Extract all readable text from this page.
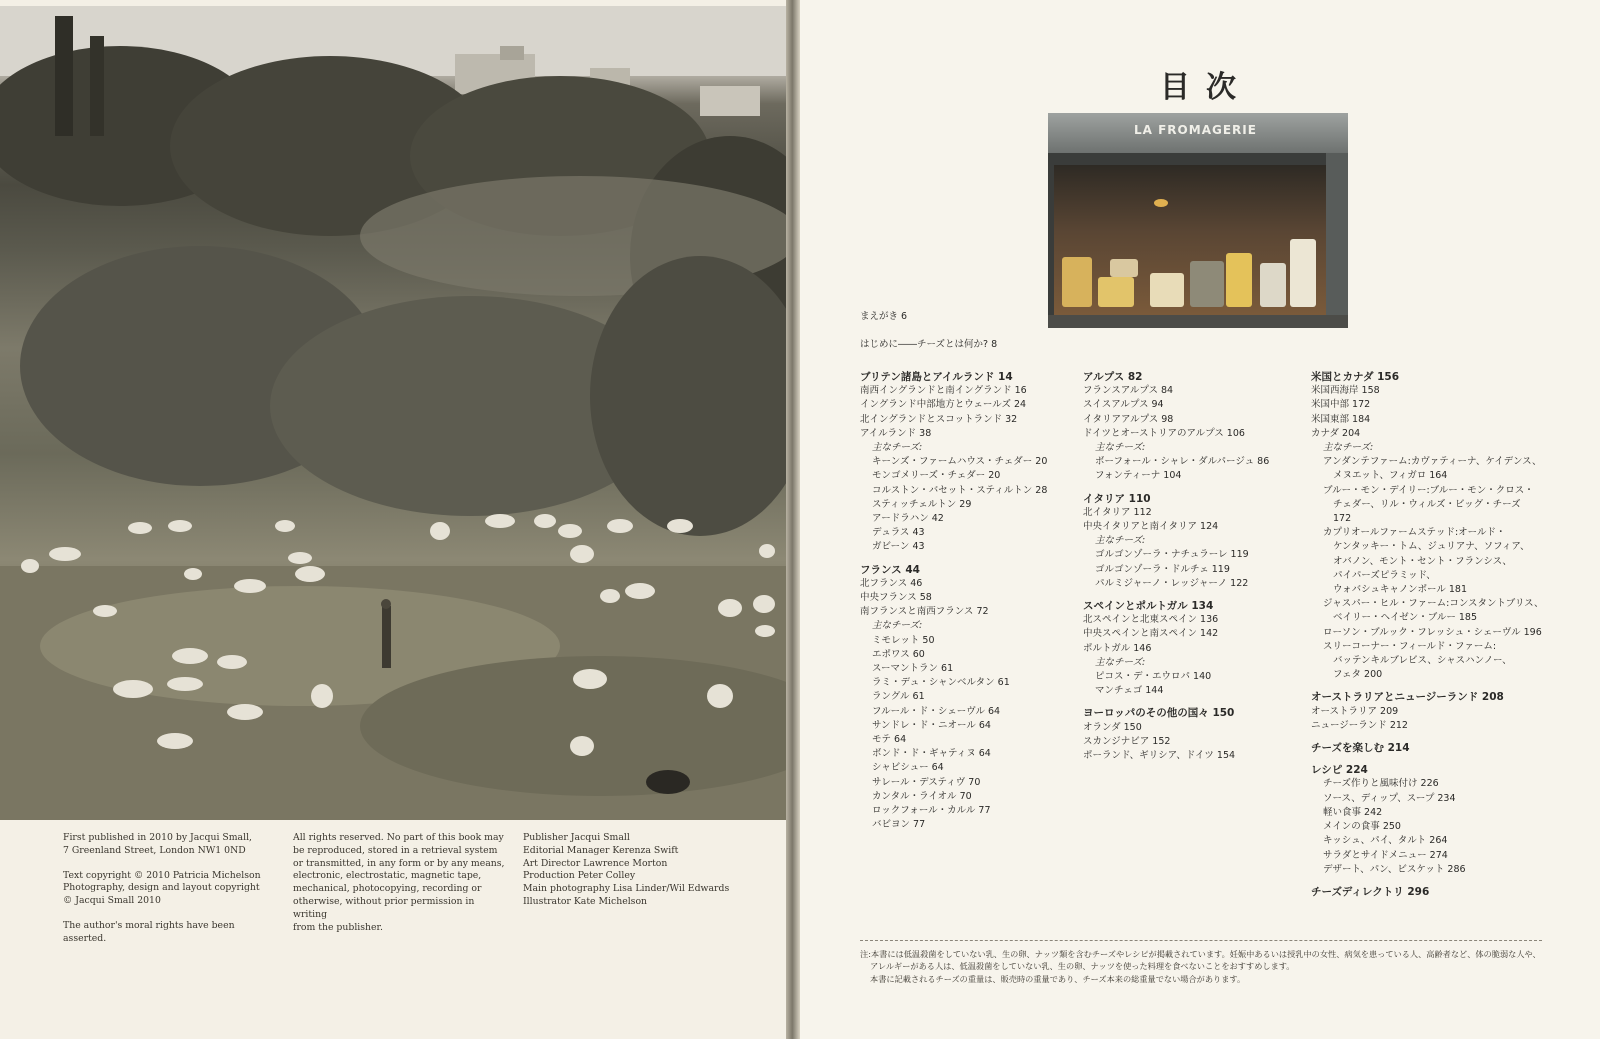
First published in 2010 by Jacqui Small,

7 Greenland Street, London NW1 0ND

Text copyright © 2010 Patricia Michelson

Photography, design and layout copyright

© Jacqui Small 2010

The author's moral rights have been asserted.

All rights reserved. No part of this book may

be reproduced, stored in a retrieval system

or transmitted, in any form or by any means,

electronic, electrostatic, magnetic tape,

mechanical, photocopying, recording or

otherwise, without prior permission in writing

from the publisher.

Publisher Jacqui Small

Editorial Manager Kerenza Swift

Art Director Lawrence Morton

Production Peter Colley

Main photography Lisa Linder/Wil Edwards

Illustrator Kate Michelson

目次
LA FROMAGERIE
まえがき 6
はじめに――チーズとは何か? 8
ブリテン諸島とアイルランド 14
南西イングランドと南イングランド 16
イングランド中部地方とウェールズ 24
北イングランドとスコットランド 32
アイルランド 38
主なチーズ:
キーンズ・ファームハウス・チェダー 20
モンゴメリーズ・チェダー 20
コルストン・バセット・スティルトン 28
スティッチェルトン 29
アードラハン 42
デュラス 43
ガビーン 43
フランス 44
北フランス 46
中央フランス 58
南フランスと南西フランス 72
主なチーズ:
ミモレット 50
エポワス 60
スーマントラン 61
ラミ・デュ・シャンベルタン 61
ラングル 61
フルール・ド・シェーヴル 64
サンドレ・ド・ニオール 64
モテ 64
ボンド・ド・ギャティヌ 64
シャビシュー 64
サレール・デスティヴ 70
カンタル・ライオル 70
ロックフォール・カルル 77
バビヨン 77
アルプス 82
フランスアルプス 84
スイスアルプス 94
イタリアアルプス 98
ドイツとオーストリアのアルプス 106
主なチーズ:
ボーフォール・シャレ・ダルパージュ 86
フォンティーナ 104
イタリア 110
北イタリア 112
中央イタリアと南イタリア 124
主なチーズ:
ゴルゴンゾーラ・ナチュラーレ 119
ゴルゴンゾーラ・ドルチェ 119
パルミジャーノ・レッジャーノ 122
スペインとポルトガル 134
北スペインと北東スペイン 136
中央スペインと南スペイン 142
ポルトガル 146
主なチーズ:
ピコス・デ・エウロパ 140
マンチェゴ 144
ヨーロッパのその他の国々 150
オランダ 150
スカンジナビア 152
ポーランド、ギリシア、ドイツ 154
米国とカナダ 156
米国西海岸 158
米国中部 172
米国東部 184
カナダ 204
主なチーズ:
アンダンテファーム:カヴァティーナ、ケイデンス、
メヌエット、フィガロ 164
ブルー・モン・デイリー:ブルー・モン・クロス・
チェダー、リル・ウィルズ・ビッグ・チーズ
172
カプリオールファームステッド:オールド・
ケンタッキー・トム、ジュリアナ、ソフィア、
オバノン、モント・セント・フランシス、
パイパーズピラミッド、
ウォバシュキャノンボール 181
ジャスパー・ヒル・ファーム:コンスタントブリス、
ベイリー・ヘイゼン・ブルー 185
ローソン・ブルック・フレッシュ・シェーヴル 196
スリーコーナー・フィールド・ファーム:
バッテンキルブレビス、シャスハンノー、
フェタ 200
オーストラリアとニュージーランド 208
オーストラリア 209
ニュージーランド 212
チーズを楽しむ 214
レシピ 224
チーズ作りと風味付け 226
ソース、ディップ、スープ 234
軽い食事 242
メインの食事 250
キッシュ、パイ、タルト 264
サラダとサイドメニュー 274
デザート、パン、ビスケット 286
チーズディレクトリ 296

注:本書には低温殺菌をしていない乳、生の卵、ナッツ類を含むチーズやレシピが掲載されています。妊娠中あるいは授乳中の女性、病気を患っている人、高齢者など、体の脆弱な人や、

アレルギーがある人は、低温殺菌をしていない乳、生の卵、ナッツを使った料理を食べないことをおすすめします。

本書に記載されるチーズの重量は、販売時の重量であり、チーズ本来の総重量でない場合があります。
